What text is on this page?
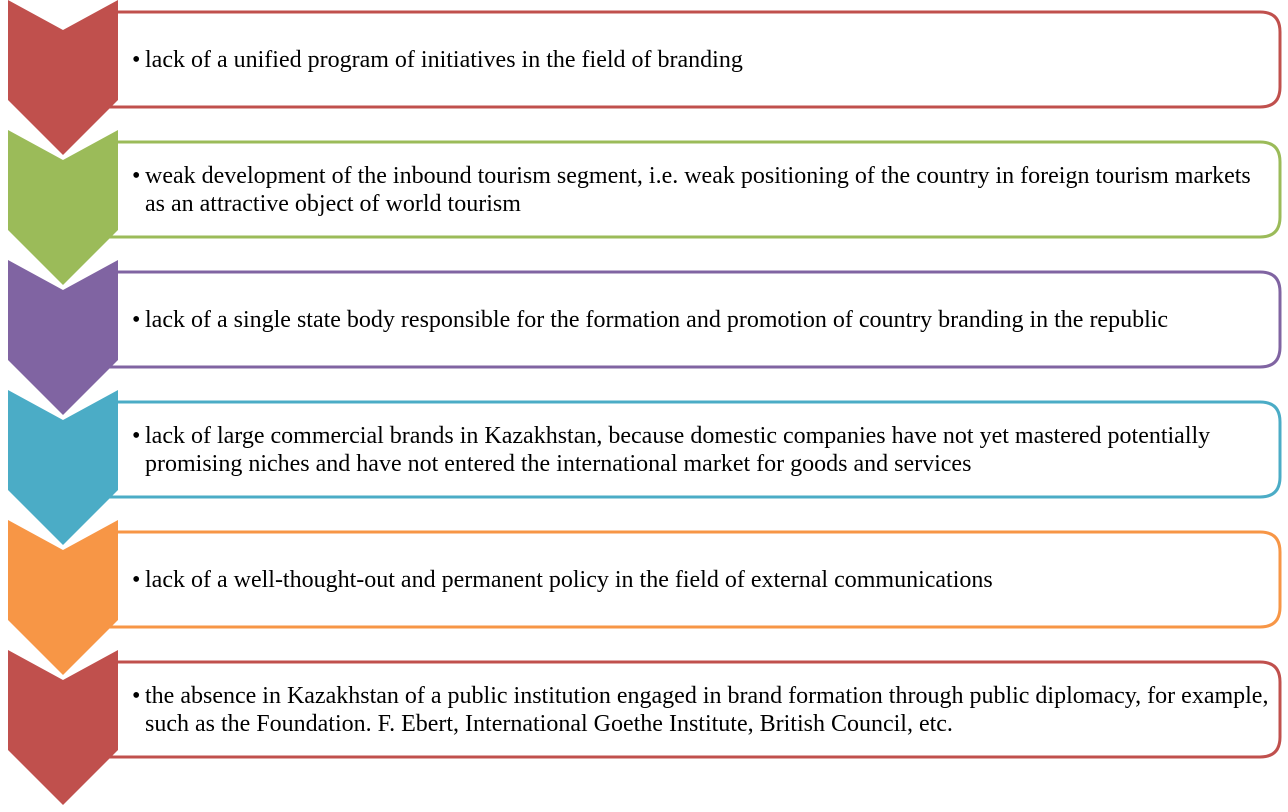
• lack of a unified program of initiatives in the field of branding
• weak development of the inbound tourism segment, i.e. weak positioning of the country in foreign tourism markets as an attractive object of world tourism
• lack of a single state body responsible for the formation and promotion of country branding in the republic
• lack of large commercial brands in Kazakhstan, because domestic companies have not yet mastered potentially promising niches and have not entered the international market for goods and services
• lack of a well-thought-out and permanent policy in the field of external communications
• the absence in Kazakhstan of a public institution engaged in brand formation through public diplomacy, for example, such as the Foundation. F. Ebert, International Goethe Institute, British Council, etc.
